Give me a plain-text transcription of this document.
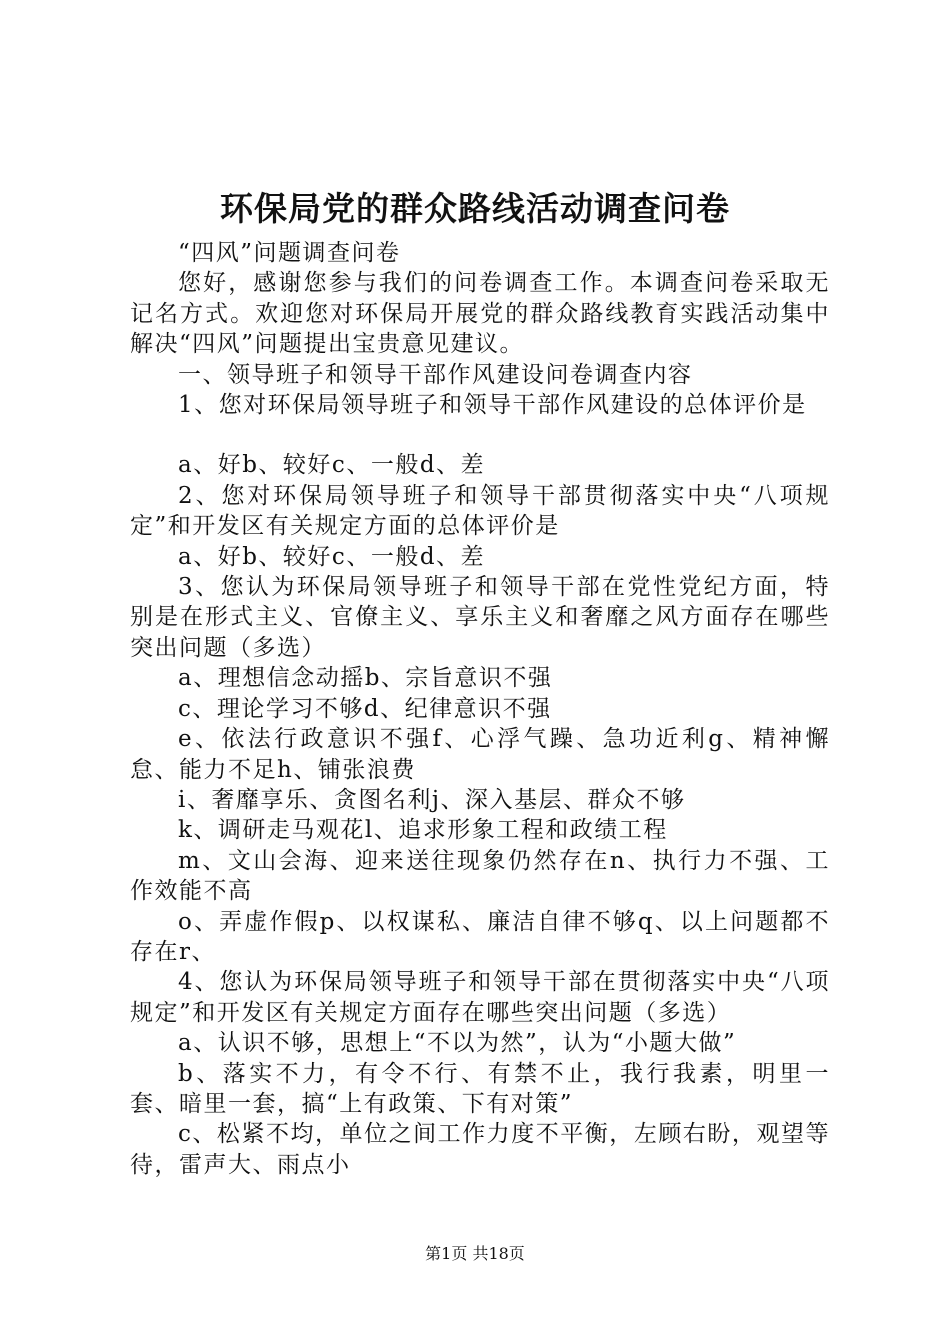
环保局党的群众路线活动调查问卷

“四风”问题调查问卷

您好，感谢您参与我们的问卷调查工作。本调查问卷采取无记名方式。欢迎您对环保局开展党的群众路线教育实践活动集中解决“四风”问题提出宝贵意见建议。

一、领导班子和领导干部作风建设问卷调查内容

1、您对环保局领导班子和领导干部作风建设的总体评价是

a、好b、较好c、一般d、差

2、您对环保局领导班子和领导干部贯彻落实中央“八项规定”和开发区有关规定方面的总体评价是

a、好b、较好c、一般d、差

3、您认为环保局领导班子和领导干部在党性党纪方面，特别是在形式主义、官僚主义、享乐主义和奢靡之风方面存在哪些突出问题（多选）

a、理想信念动摇b、宗旨意识不强

c、理论学习不够d、纪律意识不强

e、依法行政意识不强f、心浮气躁、急功近利g、精神懈怠、能力不足h、铺张浪费

i、奢靡享乐、贪图名利j、深入基层、群众不够

k、调研走马观花l、追求形象工程和政绩工程

m、文山会海、迎来送往现象仍然存在n、执行力不强、工作效能不高

o、弄虚作假p、以权谋私、廉洁自律不够q、以上问题都不存在r、

4、您认为环保局领导班子和领导干部在贯彻落实中央“八项规定”和开发区有关规定方面存在哪些突出问题（多选）

a、认识不够，思想上“不以为然”，认为“小题大做”

b、落实不力，有令不行、有禁不止，我行我素，明里一套、暗里一套，搞“上有政策、下有对策”

c、松紧不均，单位之间工作力度不平衡，左顾右盼，观望等待，雷声大、雨点小

第1页 共18页
